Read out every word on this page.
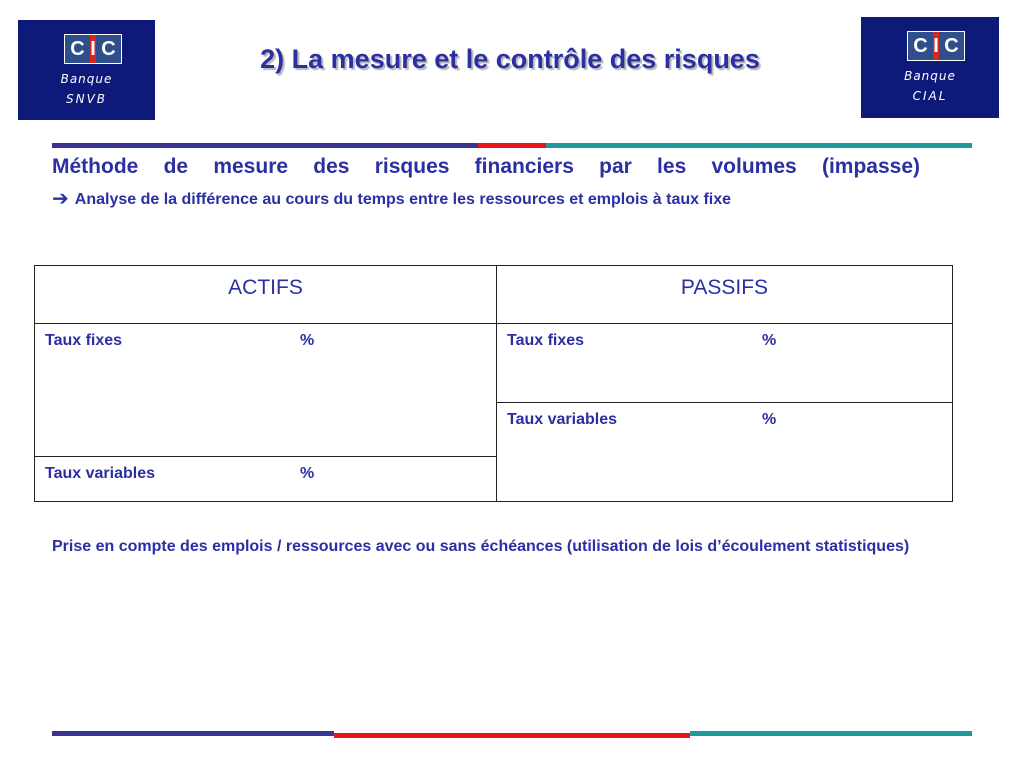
C I C
Banque
SNVB
C I C
Banque
CIAL
2) La mesure et le contrôle des risques
Méthode de mesure des risques financiers par les volumes (impasse)
➔ Analyse de la différence au cours du temps entre les ressources et emplois à taux fixe
ACTIFS	PASSIFS
Taux fixes %	Taux fixes %
	Taux variables %
Taux variables %	
Prise en compte des emplois / ressources avec ou sans échéances (utilisation de lois d’écoulement statistiques)
